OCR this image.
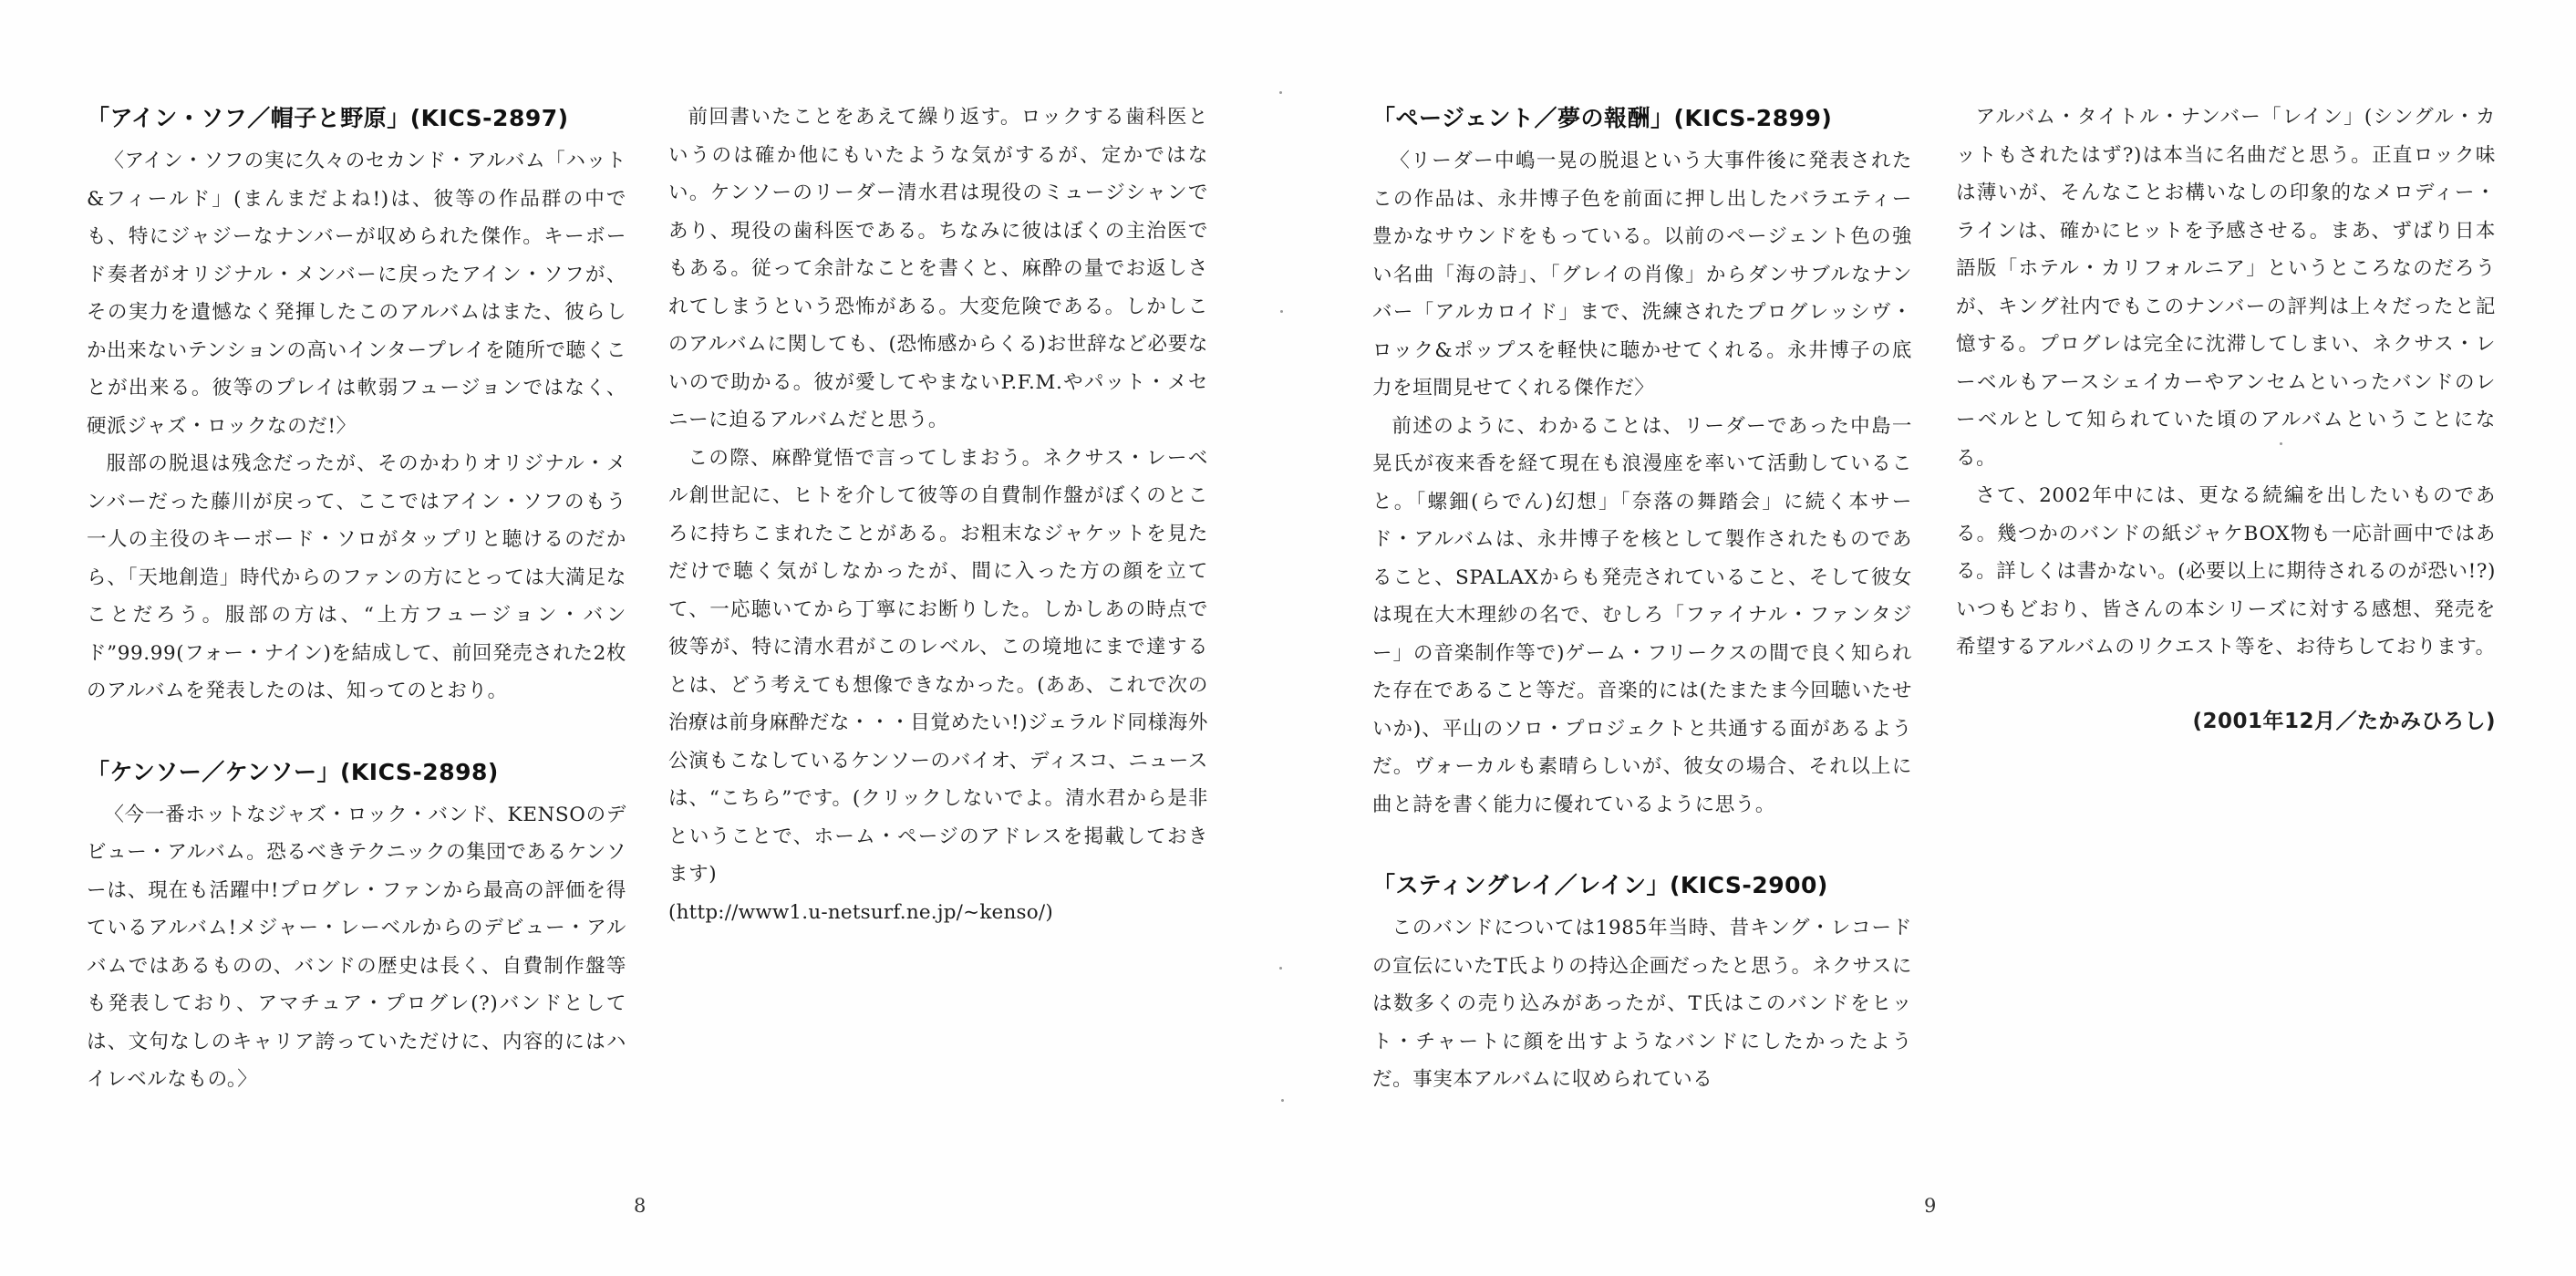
「アイン・ソフ／帽子と野原」(KICS-2897)

〈アイン・ソフの実に久々のセカンド・アルバム「ハット&フィールド」(まんまだよね!)は、彼等の作品群の中でも、特にジャジーなナンバーが収められた傑作。キーボード奏者がオリジナル・メンバーに戻ったアイン・ソフが、その実力を遺憾なく発揮したこのアルバムはまた、彼らしか出来ないテンションの高いインタープレイを随所で聴くことが出来る。彼等のプレイは軟弱フュージョンではなく、硬派ジャズ・ロックなのだ!〉

服部の脱退は残念だったが、そのかわりオリジナル・メンバーだった藤川が戻って、ここではアイン・ソフのもう一人の主役のキーボード・ソロがタップリと聴けるのだから、「天地創造」時代からのファンの方にとっては大満足なことだろう。服部の方は、“上方フュージョン・バンド”99.99(フォー・ナイン)を結成して、前回発売された2枚のアルバムを発表したのは、知ってのとおり。

「ケンソー／ケンソー」(KICS-2898)

〈今一番ホットなジャズ・ロック・バンド、KENSOのデビュー・アルバム。恐るべきテクニックの集団であるケンソーは、現在も活躍中!プログレ・ファンから最高の評価を得ているアルバム!メジャー・レーベルからのデビュー・アルバムではあるものの、バンドの歴史は長く、自費制作盤等も発表しており、アマチュア・プログレ(?)バンドとしては、文句なしのキャリア誇っていただけに、内容的にはハイレベルなもの。〉

前回書いたことをあえて繰り返す。ロックする歯科医というのは確か他にもいたような気がするが、定かではない。ケンソーのリーダー清水君は現役のミュージシャンであり、現役の歯科医である。ちなみに彼はぼくの主治医でもある。従って余計なことを書くと、麻酔の量でお返しされてしまうという恐怖がある。大変危険である。しかしこのアルバムに関しても、(恐怖感からくる)お世辞など必要ないので助かる。彼が愛してやまないP.F.M.やパット・メセニーに迫るアルバムだと思う。

この際、麻酔覚悟で言ってしまおう。ネクサス・レーベル創世記に、ヒトを介して彼等の自費制作盤がぼくのところに持ちこまれたことがある。お粗末なジャケットを見ただけで聴く気がしなかったが、間に入った方の顔を立てて、一応聴いてから丁寧にお断りした。しかしあの時点で彼等が、特に清水君がこのレベル、この境地にまで達するとは、どう考えても想像できなかった。(ああ、これで次の治療は前身麻酔だな・・・目覚めたい!)ジェラルド同様海外公演もこなしているケンソーのバイオ、ディスコ、ニュースは、“こちら”です。(クリックしないでよ。清水君から是非ということで、ホーム・ページのアドレスを掲載しておきます)

(http://www1.u-netsurf.ne.jp/~kenso/)

8
「ページェント／夢の報酬」(KICS-2899)

〈リーダー中嶋一晃の脱退という大事件後に発表されたこの作品は、永井博子色を前面に押し出したバラエティー豊かなサウンドをもっている。以前のページェント色の強い名曲「海の詩」、「グレイの肖像」からダンサブルなナンバー「アルカロイド」まで、洗練されたプログレッシヴ・ロック&ポップスを軽快に聴かせてくれる。永井博子の底力を垣間見せてくれる傑作だ〉

前述のように、わかることは、リーダーであった中島一晃氏が夜来香を経て現在も浪漫座を率いて活動していること。「螺鈿(らでん)幻想」「奈落の舞踏会」に続く本サード・アルバムは、永井博子を核として製作されたものであること、SPALAXからも発売されていること、そして彼女は現在大木理紗の名で、むしろ「ファイナル・ファンタジー」の音楽制作等で)ゲーム・フリークスの間で良く知られた存在であること等だ。音楽的には(たまたま今回聴いたせいか)、平山のソロ・プロジェクトと共通する面があるようだ。ヴォーカルも素晴らしいが、彼女の場合、それ以上に曲と詩を書く能力に優れているように思う。

「スティングレイ／レイン」(KICS-2900)

このバンドについては1985年当時、昔キング・レコードの宣伝にいたT氏よりの持込企画だったと思う。ネクサスには数多くの売り込みがあったが、T氏はこのバンドをヒット・チャートに顔を出すようなバンドにしたかったようだ。事実本アルバムに収められている

アルバム・タイトル・ナンバー「レイン」(シングル・カットもされたはず?)は本当に名曲だと思う。正直ロック味は薄いが、そんなことお構いなしの印象的なメロディー・ラインは、確かにヒットを予感させる。まあ、ずばり日本語版「ホテル・カリフォルニア」というところなのだろうが、キング社内でもこのナンバーの評判は上々だったと記憶する。プログレは完全に沈滞してしまい、ネクサス・レーベルもアースシェイカーやアンセムといったバンドのレーベルとして知られていた頃のアルバムということになる。

さて、2002年中には、更なる続編を出したいものである。幾つかのバンドの紙ジャケBOX物も一応計画中ではある。詳しくは書かない。(必要以上に期待されるのが恐い!?)いつもどおり、皆さんの本シリーズに対する感想、発売を希望するアルバムのリクエスト等を、お待ちしております。

(2001年12月／たかみひろし)

9
